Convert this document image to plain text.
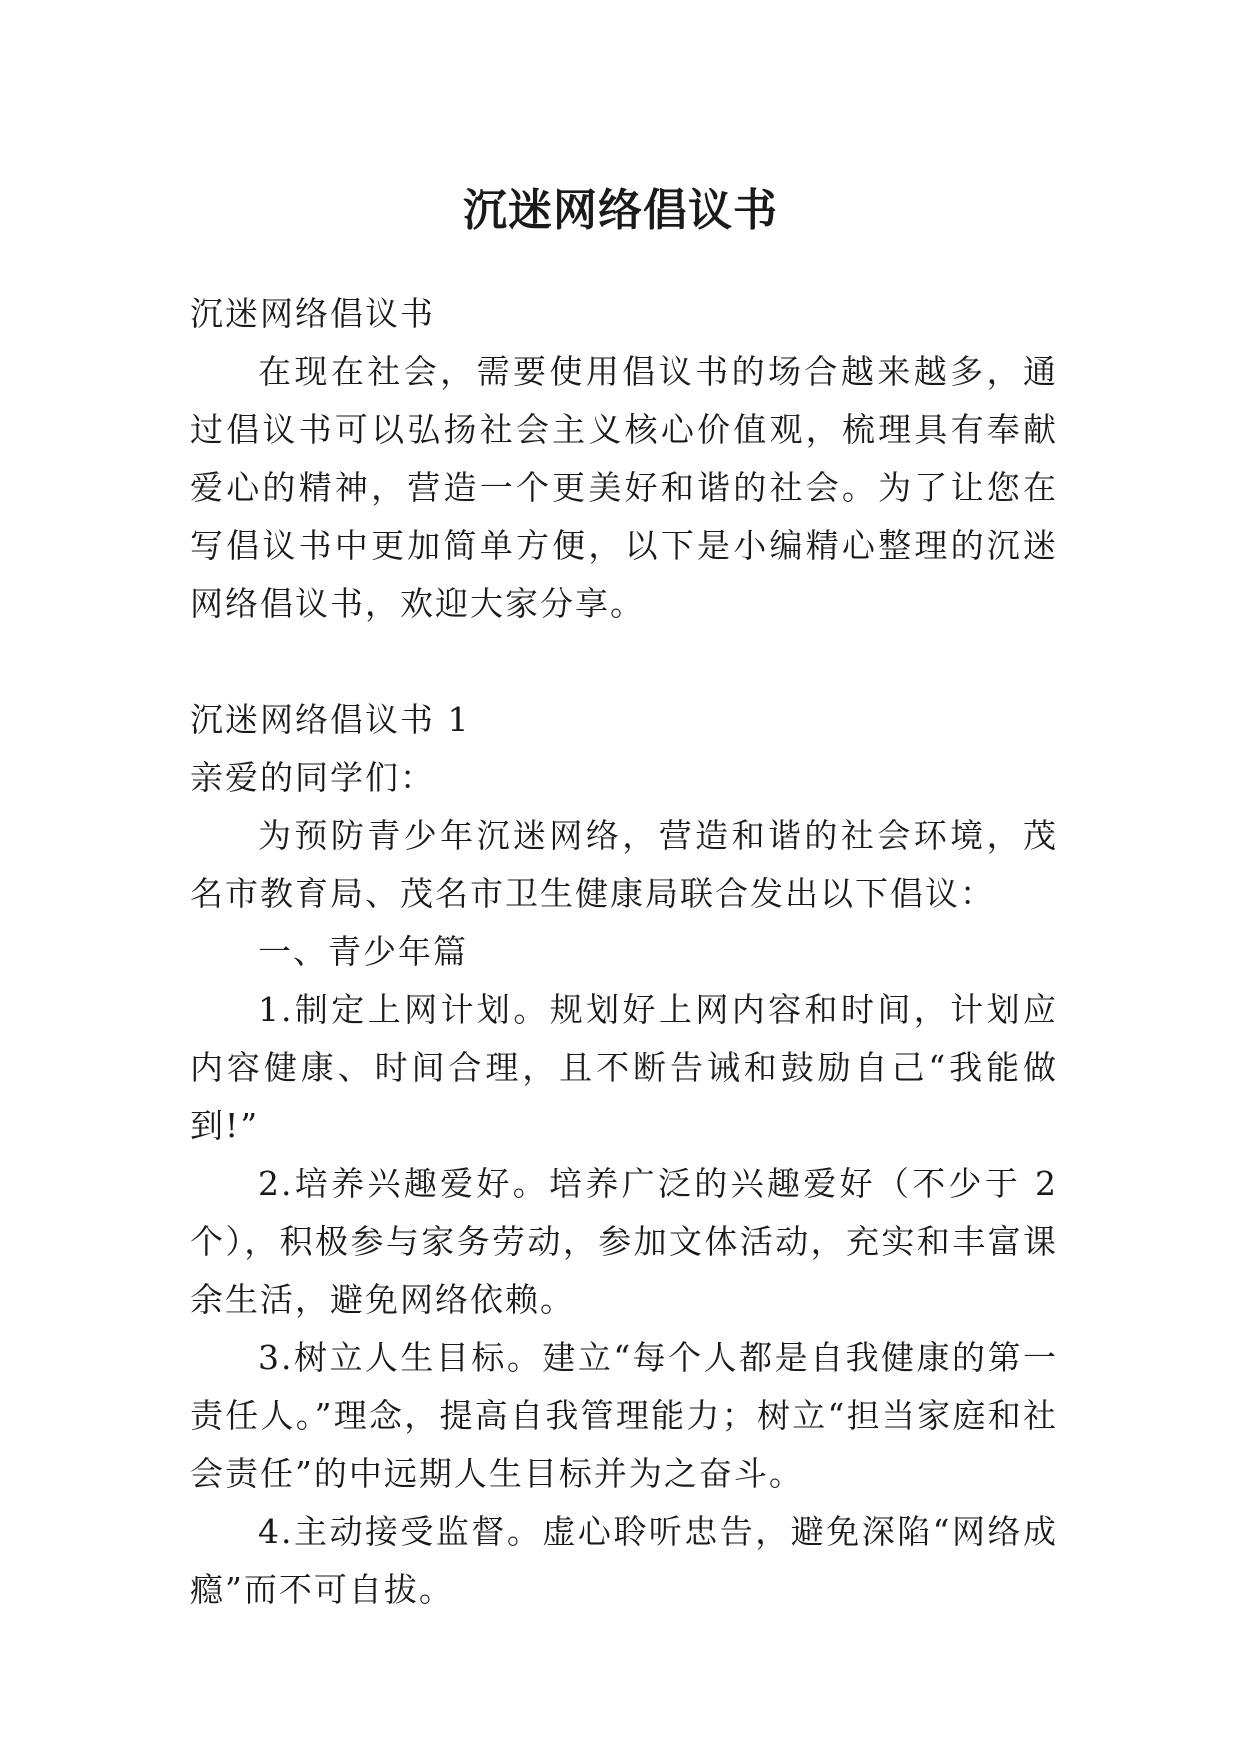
沉迷网络倡议书

沉迷网络倡议书

在现在社会，需要使用倡议书的场合越来越多，通过倡议书可以弘扬社会主义核心价值观，梳理具有奉献爱心的精神，营造一个更美好和谐的社会。为了让您在写倡议书中更加简单方便，以下是小编精心整理的沉迷网络倡议书，欢迎大家分享。

沉迷网络倡议书 1

亲爱的同学们：

为预防青少年沉迷网络，营造和谐的社会环境，茂名市教育局、茂名市卫生健康局联合发出以下倡议：

一、青少年篇

1.制定上网计划。规划好上网内容和时间，计划应内容健康、时间合理，且不断告诫和鼓励自己“我能做到!”

2.培养兴趣爱好。培养广泛的兴趣爱好（不少于 2 个），积极参与家务劳动，参加文体活动，充实和丰富课余生活，避免网络依赖。

3.树立人生目标。建立“每个人都是自我健康的第一责任人。”理念，提高自我管理能力；树立“担当家庭和社会责任”的中远期人生目标并为之奋斗。

4.主动接受监督。虚心聆听忠告，避免深陷“网络成瘾”而不可自拔。
